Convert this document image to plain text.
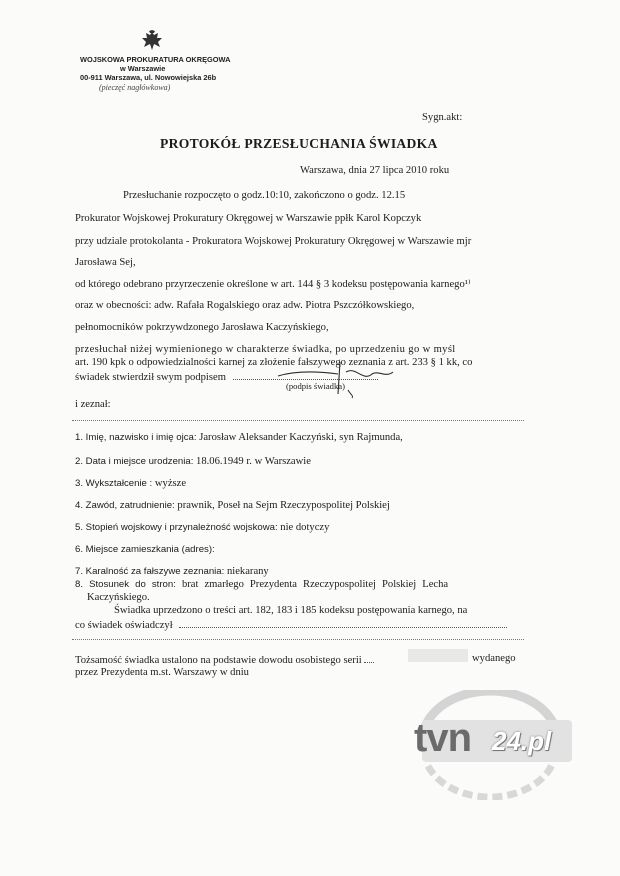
WOJSKOWA PROKURATURA OKRĘGOWA
w Warszawie
00-911 Warszawa, ul. Nowowiejska 26b
(pieczęć nagłówkowa)
Sygn.akt:
PROTOKÓŁ PRZESŁUCHANIA ŚWIADKA
Warszawa, dnia 27 lipca 2010 roku
Przesłuchanie rozpoczęto o godz.10:10, zakończono o godz. 12.15
Prokurator Wojskowej Prokuratury Okręgowej w Warszawie ppłk Karol Kopczyk
przy udziale protokolanta - Prokuratora Wojskowej Prokuratury Okręgowej w Warszawie mjr
Jarosława Sej,
od którego odebrano przyrzeczenie określone w art. 144 § 3 kodeksu postępowania karnego¹⁾
oraz w obecności: adw. Rafała Rogalskiego oraz adw. Piotra Pszczółkowskiego,
pełnomocników pokrzywdzonego Jarosława Kaczyńskiego,
przesłuchał niżej wymienionego w charakterze świadka, po uprzedzeniu go w myśl
art. 190 kpk o odpowiedzialności karnej za złożenie fałszywego zeznania z art. 233 § 1 kk, co
świadek stwierdził swym podpisem
(podpis świadka)
i zeznał:
1. Imię, nazwisko i imię ojca: Jarosław Aleksander Kaczyński, syn Rajmunda,
2. Data i miejsce urodzenia: 18.06.1949 r. w Warszawie
3. Wykształcenie : wyższe
4. Zawód, zatrudnienie: prawnik, Poseł na Sejm Rzeczypospolitej Polskiej
5. Stopień wojskowy i przynależność wojskowa: nie dotyczy
6. Miejsce zamieszkania (adres):
7. Karalność za fałszywe zeznania: niekarany
8. Stosunek do stron: brat zmarłego Prezydenta Rzeczypospolitej Polskiej Lecha
Kaczyńskiego.
Świadka uprzedzono o treści art. 182, 183 i 185 kodeksu postępowania karnego, na
co świadek oświadczył
Tożsamość świadka ustalono na podstawie dowodu osobistego serii	wydanego
przez Prezydenta m.st. Warszawy w dniu
tvn 24.pl
